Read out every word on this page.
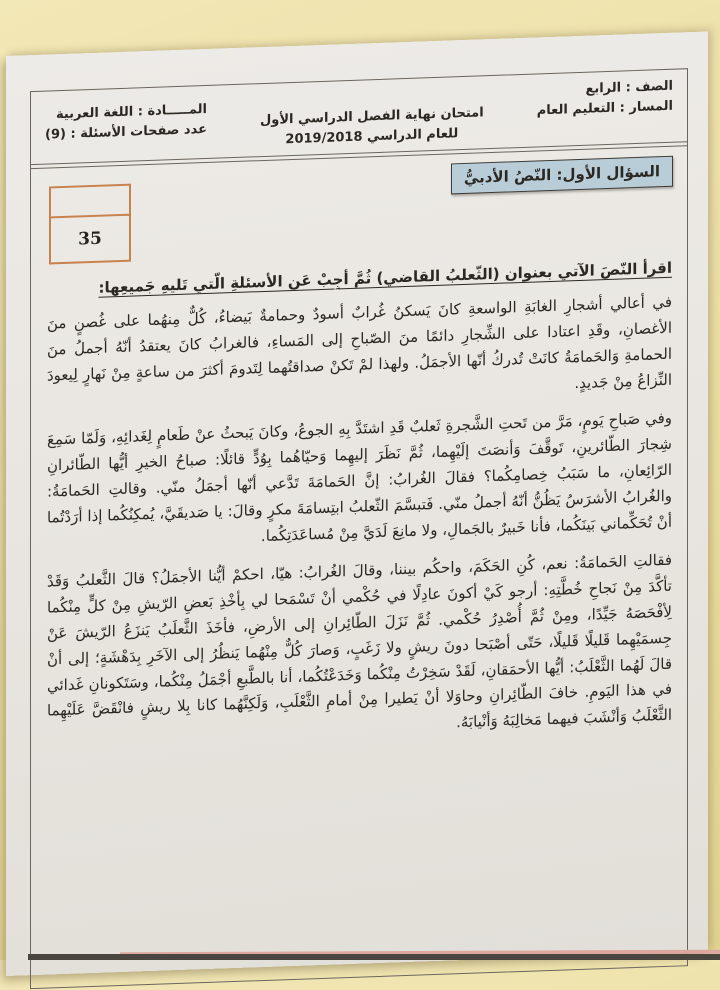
الصف : الرابع
المسار : التعليم العام
امتحان نهاية الفصل الدراسي الأول
للعام الدراسي 2019/2018
المـــــادة : اللغة العربية
عدد صفحات الأسئلة : (9)
السؤال الأول: النّصُ الأدبيُّ
35
اقرأ النّصَ الآتي بعنوان (الثّعلبُ القاضي) ثُمَّ أجِبْ عَن الأسئلةِ الّتي تَليهِ جَميعِها:

في أعالي أشجارِ الغابَةِ الواسعةِ كانَ يَسكنُ غُرابٌ أسودٌ وحمامةٌ بَيضاءُ، كُلٌّ مِنهُما على غُصنٍ منَ الأغصانِ، وقَدِ اعتادا على الشِّجارِ دائمًا منَ الصّباحِ إلى المَساءِ، فالغرابُ كانَ يعتقدُ أنّهُ أجملُ منَ الحمامةِ وَالحَمامَةُ كانَتْ تُدركُ أنّها الأجمَلُ. ولهذا لمْ تَكنْ صداقتُهما لِتَدومَ أكثرَ من ساعةٍ مِنْ نَهارٍ لِيعودَ النِّزاعُ مِنْ جَديدٍ.

وفي صَباحِ يَومٍ، مَرَّ من تَحتِ الشَّجرةِ ثَعلبٌ قَدِ اشتَدَّ بِهِ الجوعُ، وكانَ يَبحثُ عنْ طَعامٍ لِغَدائِهِ، وَلَمّا سَمِعَ شِجارَ الطّائرينِ، تَوقَّفَ وَأنصَتَ إلَيْهِما، ثُمَّ نَظَرَ إليهِما وَحيّاهُما بِوُدٍّ قائلًا: صباحُ الخيرِ أيُّها الطّائرانِ الرّائِعانِ، ما سَبَبُ خِصامِكُما؟ فقالَ الغُرابُ: إنَّ الحَمامَةَ تَدَّعي أنّها أجمَلُ منّي. وقالتِ الحَمامَةُ: والغُرابُ الأشرَسُ يَظُنُّ أنّهُ أجملُ منّي. فَتبسَّمَ الثّعلبُ ابتِسامَةَ مكرٍ وقالَ: يا صَديقَيَّ، يُمكِنُكُما إذا أرَدْتُما أنْ تُحَكِّماني بَينَكُما، فأنا خَبيرٌ بالجَمالِ، ولا مانِعَ لَدَيَّ مِنْ مُساعَدَتِكُما.

فقالتِ الحَمامَةُ: نعم، كُنِ الحَكَمَ، واحكُم بيننا، وقالَ الغُرابُ: هيّا، احكمْ أيُّنا الأجمَلُ؟ قالَ الثَّعلبُ وَقَدْ تأكَّدَ مِنْ نَجاحِ خُطَّتِهِ: أرجو كَيْ أكونَ عادِلًا في حُكْمي أنْ تَسْمَحا لي بِأخْذِ بَعضِ الرّيشِ مِنْ كلٍّ مِنْكُما لِأفْحَصَهُ جَيِّدًا، ومِنْ ثُمَّ أُصْدِرُ حُكْمي. ثُمَّ نَزَلَ الطّائِرانِ إلى الأرضِ، فأخَذَ الثَّعلَبُ يَنزَعُ الرّيشَ عَنْ جِسمَيْهِما قَليلًا قَليلًا، حَتّى أصْبَحا دونَ ريشٍ ولا زَغَبٍ، وَصارَ كُلٌّ مِنْهُما يَنظُرُ إلى الآخَرِ بِدَهْشَةٍ؛ إلى أنْ قالَ لَهُما الثَّعْلَبُ: أيُّها الأحمَقانِ، لَقَدْ سَخِرْتُ مِنْكُما وَخَدَعْتُكُما، أنا بالطَّبعِ أجْمَلُ مِنْكُما، وسَتَكونانِ غَدائي في هذا اليَومِ. خافَ الطّائِرانِ وحاوَلا أنْ يَطيرا مِنْ أمامِ الثَّعْلَبِ، وَلَكِنَّهُما كانا بِلا ريشٍ فانْقَضَّ عَلَيْهِما الثَّعْلَبُ وَأنْشَبَ فيهما مَخالِبَهُ وَأنْيابَهُ.
